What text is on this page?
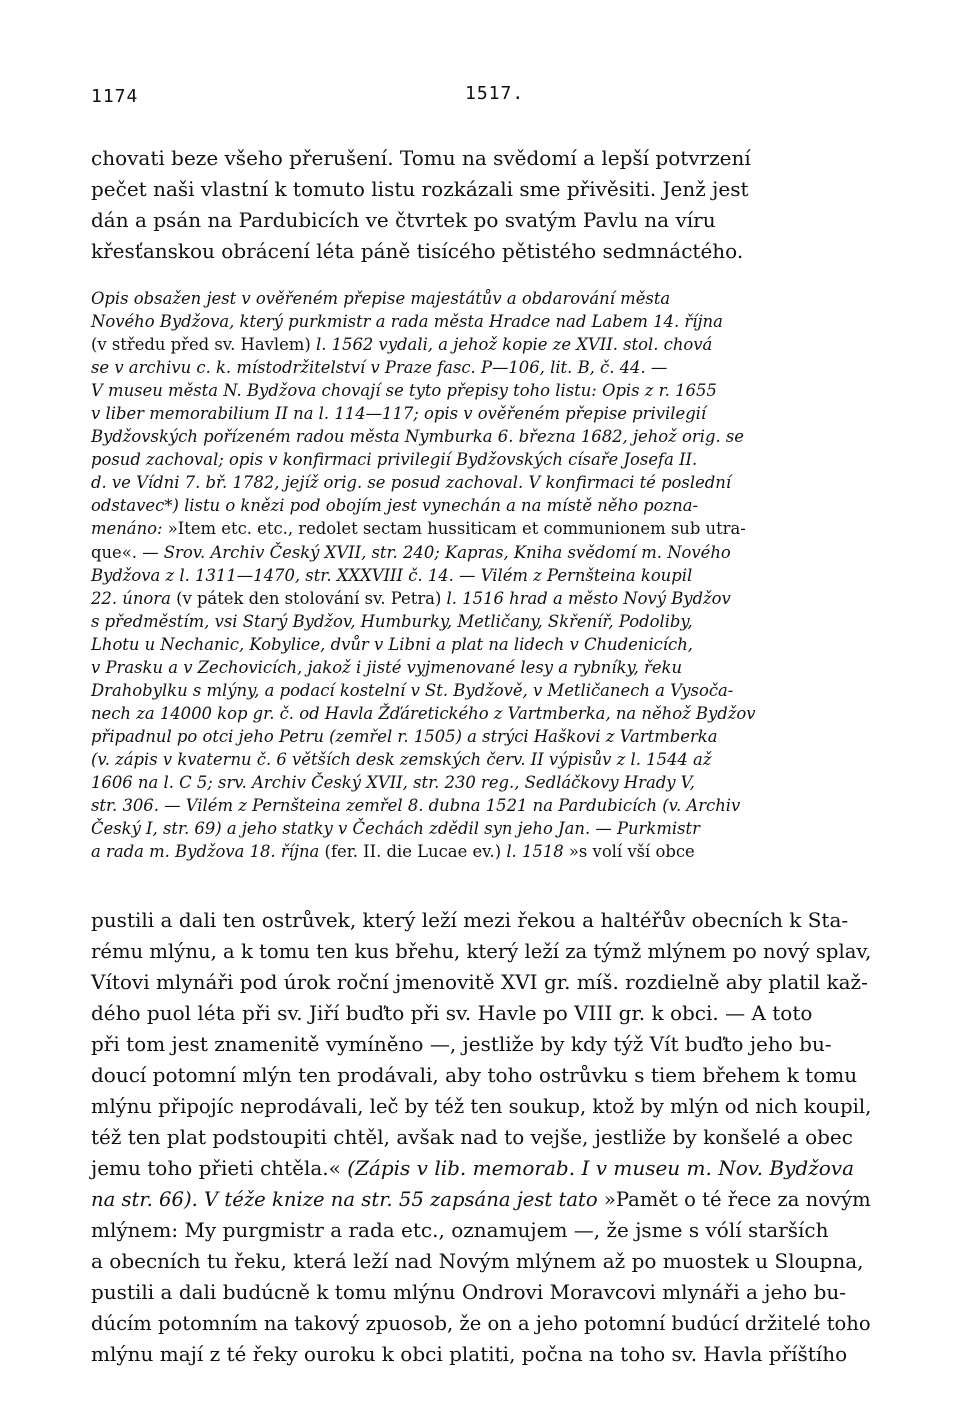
1174	1517.
chovati beze všeho přerušení. Tomu na svědomí a lepší potvrzení
pečet naši vlastní k tomuto listu rozkázali sme přivěsiti. Jenž jest
dán a psán na Pardubicích ve čtvrtek po svatým Pavlu na víru
křesťanskou obrácení léta páně tisícého pětistého sedmnáctého.
Opis obsažen jest v ověřeném přepise majestátův a obdarování města
Nového Bydžova, který purkmistr a rada města Hradce nad Labem 14. října
(v středu před sv. Havlem) l. 1562 vydali, a jehož kopie ze XVII. stol. chová
se v archivu c. k. místodržitelství v Praze fasc. P—106, lit. B, č. 44. —
V museu města N. Bydžova chovají se tyto přepisy toho listu: Opis z r. 1655
v liber memorabilium II na l. 114—117; opis v ověřeném přepise privilegií
Bydžovských pořízeném radou města Nymburka 6. března 1682, jehož orig. se
posud zachoval; opis v konfirmaci privilegií Bydžovských císaře Josefa II.
d. ve Vídni 7. bř. 1782, jejíž orig. se posud zachoval. V konfirmaci té poslední
odstavec*) listu o knězi pod obojím jest vynechán a na místě něho pozna-
menáno: »Item etc. etc., redolet sectam hussiticam et communionem sub utra-
que«. — Srov. Archiv Český XVII, str. 240; Kapras, Kniha svědomí m. Nového
Bydžova z l. 1311—1470, str. XXXVIII č. 14. — Vilém z Pernšteina koupil
22. února (v pátek den stolování sv. Petra) l. 1516 hrad a město Nový Bydžov
s předměstím, vsi Starý Bydžov, Humburky, Metličany, Skřeníř, Podoliby,
Lhotu u Nechanic, Kobylice, dvůr v Libni a plat na lidech v Chudenicích,
v Prasku a v Zechovicích, jakož i jisté vyjmenované lesy a rybníky, řeku
Drahobylku s mlýny, a podací kostelní v St. Bydžově, v Metličanech a Vysoča-
nech za 14000 kop gr. č. od Havla Žďáretického z Vartmberka, na něhož Bydžov
připadnul po otci jeho Petru (zemřel r. 1505) a strýci Haškovi z Vartmberka
(v. zápis v kvaternu č. 6 větších desk zemských červ. II výpisův z l. 1544 až
1606 na l. C 5; srv. Archiv Český XVII, str. 230 reg., Sedláčkovy Hrady V,
str. 306. — Vilém z Pernšteina zemřel 8. dubna 1521 na Pardubicích (v. Archiv
Český I, str. 69) a jeho statky v Čechách zdědil syn jeho Jan. — Purkmistr
a rada m. Bydžova 18. října (fer. II. die Lucae ev.) l. 1518 »s volí vší obce
pustili a dali ten ostrůvek, který leží mezi řekou a haltéřův obecních k Sta-
rému mlýnu, a k tomu ten kus břehu, který leží za týmž mlýnem po nový splav,
Vítovi mlynáři pod úrok roční jmenovitě XVI gr. míš. rozdielně aby platil kaž-
dého puol léta při sv. Jiří buďto při sv. Havle po VIII gr. k obci. — A toto
při tom jest znamenitě vymíněno —, jestliže by kdy týž Vít buďto jeho bu-
doucí potomní mlýn ten prodávali, aby toho ostrůvku s tiem břehem k tomu
mlýnu připojíc neprodávali, leč by též ten soukup, ktož by mlýn od nich koupil,
též ten plat podstoupiti chtěl, avšak nad to vejše, jestliže by konšelé a obec
jemu toho přieti chtěla.« (Zápis v lib. memorab. I v museu m. Nov. Bydžova
na str. 66). V téže knize na str. 55 zapsána jest tato »Pamět o té řece za novým
mlýnem: My purgmistr a rada etc., oznamujem —, že jsme s vólí starších
a obecních tu řeku, která leží nad Novým mlýnem až po muostek u Sloupna,
pustili a dali budúcně k tomu mlýnu Ondrovi Moravcovi mlynáři a jeho bu-
dúcím potomním na takový zpuosob, že on a jeho potomní budúcí držitelé toho
mlýnu mají z té řeky ouroku k obci platiti, počna na toho sv. Havla příštího
